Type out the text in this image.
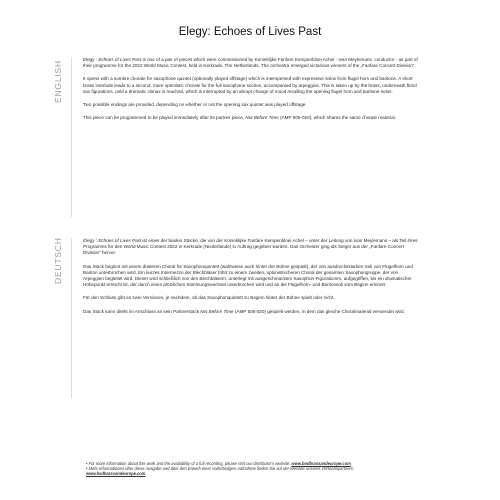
Elegy: Echoes of Lives Past
ENGLISH

Elegy : Echoes of Lives Past is one of a pair of pieces which were commissioned by Koninklijke Fanfare Kempenbloei Achel - Ivan Meylemans, conductor - as part of their programme for the 2022 World Music Contest, held in Kerkrade, The Netherlands. The orchestra emerged victorious winners of the „Fanfare Concert Division".

It opens with a sombre chorale for saxophone quintet (optionally played offstage) which is interspersed with expressive solos from flugel horn and baritone. A short brass interlude leads to a second, more optimistic chorale for the full saxophone section, accompanied by arpeggios. This is taken up by the brass, underneath florid sax figurations, until a dramatic climax is reached, which is interrupted by an abrupt change of mood recalling the opening flugel horn and baritone solos.

Two possible endings are provided, depending on whether or not the opening sax quintet was played offstage.

This piece can be programmed to be played immediately after its partner piece, Not Before Time (AMP 505-020), which shares the same chorale material.

DEUTSCH	Elegy : Echoes of Lives Past ist eines der beiden Stücke, die von der Koninklijke Fanfare Kempenbloei Achel – unter der Leitung von Ivan Meylemans – als Teil ihres Programms für den World Music Contest 2022 in Kerkrade (Niederlande) in Auftrag gegeben wurden. Das Orchester ging als Sieger aus der „Fanfare Concert Division" hervor.

Das Stück beginnt mit einem düsteren Choral für Saxophonquintett (wahlweise auch hinter der Bühne gespielt), der von ausdrucksstarken Soli von Flügelhorn und Bariton unterbrochen wird. Ein kurzes Intermezzo der Blechbläser führt zu einem zweiten, optimistischeren Choral der gesamten Saxophongruppe, der von Arpeggien begleitet wird. Dieser wird schließlich von den Blechbläsern, unterlegt mit ausgeschmückten Saxophon-Figurationen, aufgegriffen, bis ein dramatischer Höhepunkt erreicht ist, der durch einen plötzlichen Stimmungswechsel unterbrochen wird und an die Flügelhorn- und Baritonsoli vom Beginn erinnert.

Für den Schluss gibt es zwei Versionen, je nachdem, ob das Saxophonquintett zu Beginn hinter der Bühne spielt oder nicht.

Das Stück kann direkt im Anschluss an sein Partnerstück Not Before Time (AMP 505-020) gespielt werden, in dem das gleiche Choralmaterial verwendet wird.

• For more information about this work and the availability of a full recording, please visit our distributor's website: www.bodbrassandeurope.com
• Mehr Informationen über diese Ausgabe und über den Erwerb einer vollständigen Aufnahme finden Sie auf der Website unseres Vertriebspartners:
www.bodbrassandeurope.com
